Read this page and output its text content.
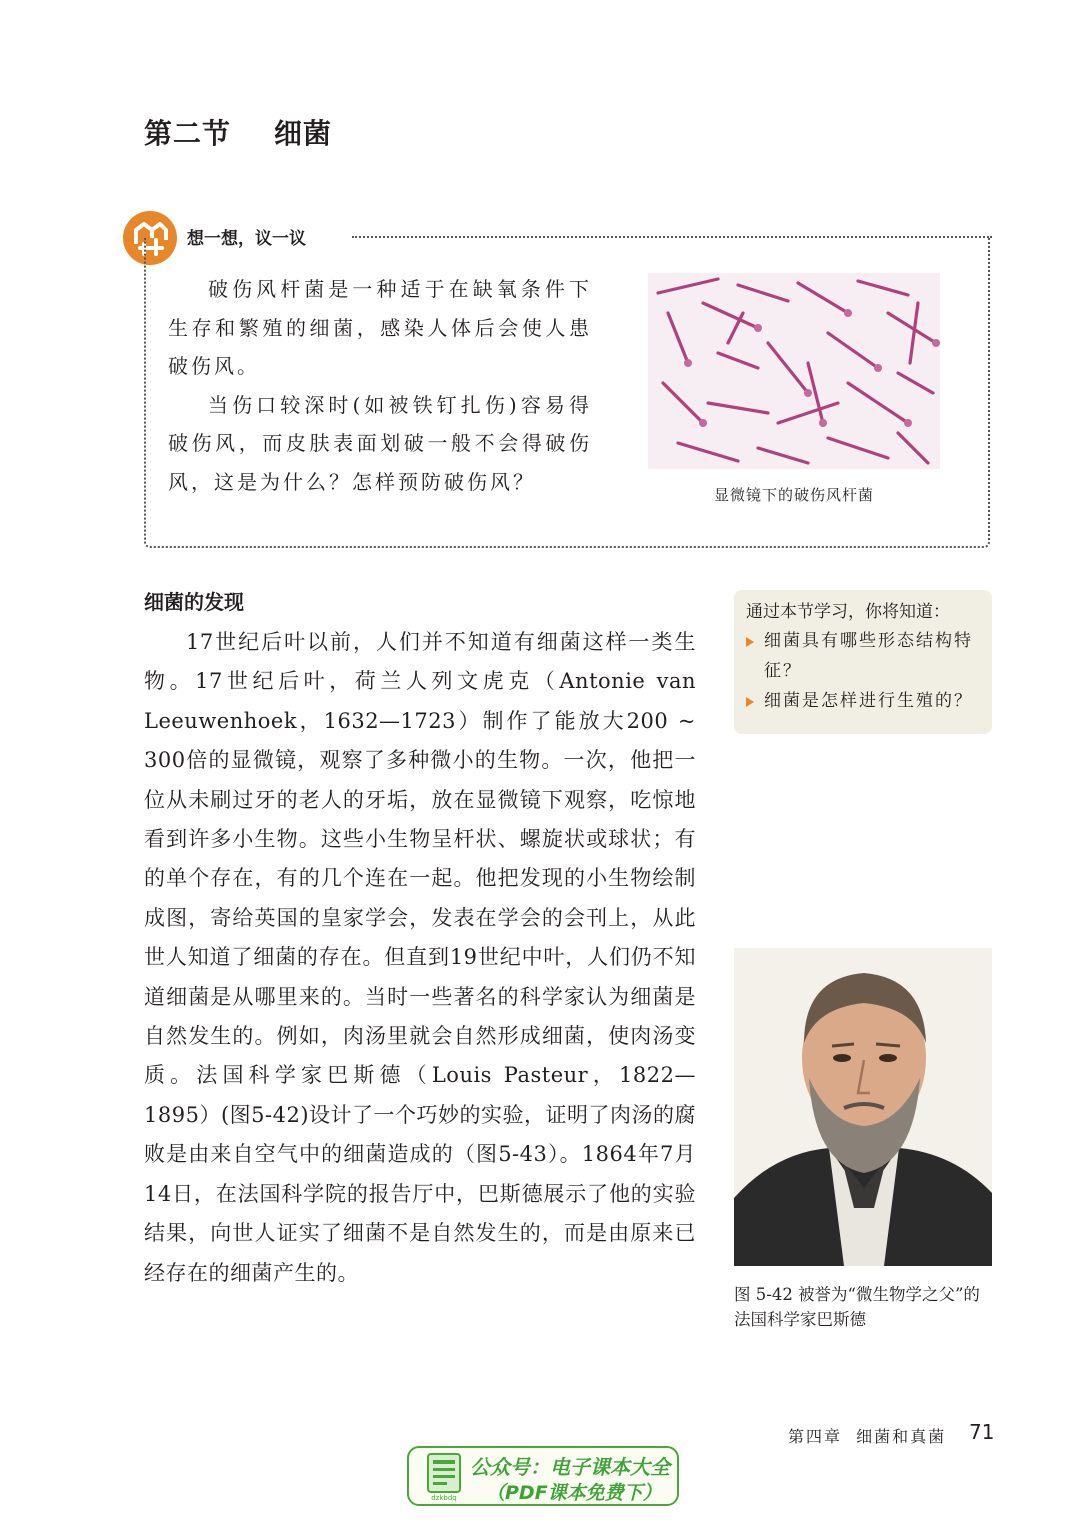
第二节    细菌
想一想，议一议

破伤风杆菌是一种适于在缺氧条件下生存和繁殖的细菌，感染人体后会使人患破伤风。

当伤口较深时(如被铁钉扎伤)容易得破伤风，而皮肤表面划破一般不会得破伤风，这是为什么？怎样预防破伤风？

显微镜下的破伤风杆菌
通过本节学习，你将知道：
细菌具有哪些形态结构特征？
细菌是怎样进行生殖的？
细菌的发现

17世纪后叶以前，人们并不知道有细菌这样一类生物。17世纪后叶，荷兰人列文虎克（Antonie van Leeuwenhoek，1632—1723）制作了能放大200 ~ 300倍的显微镜，观察了多种微小的生物。一次，他把一位从未刷过牙的老人的牙垢，放在显微镜下观察，吃惊地看到许多小生物。这些小生物呈杆状、螺旋状或球状；有的单个存在，有的几个连在一起。他把发现的小生物绘制成图，寄给英国的皇家学会，发表在学会的会刊上，从此世人知道了细菌的存在。但直到19世纪中叶，人们仍不知道细菌是从哪里来的。当时一些著名的科学家认为细菌是自然发生的。例如，肉汤里就会自然形成细菌，使肉汤变质。法国科学家巴斯德（Louis Pasteur，1822—1895）(图5-42)设计了一个巧妙的实验，证明了肉汤的腐败是由来自空气中的细菌造成的（图5-43）。1864年7月14日，在法国科学院的报告厅中，巴斯德展示了他的实验结果，向世人证实了细菌不是自然发生的，而是由原来已经存在的细菌产生的。

图 5-42 被誉为“微生物学之父”的法国科学家巴斯德
第四章  细菌和真菌 71
dzkbdq
公众号：电子课本大全
（PDF课本免费下）
